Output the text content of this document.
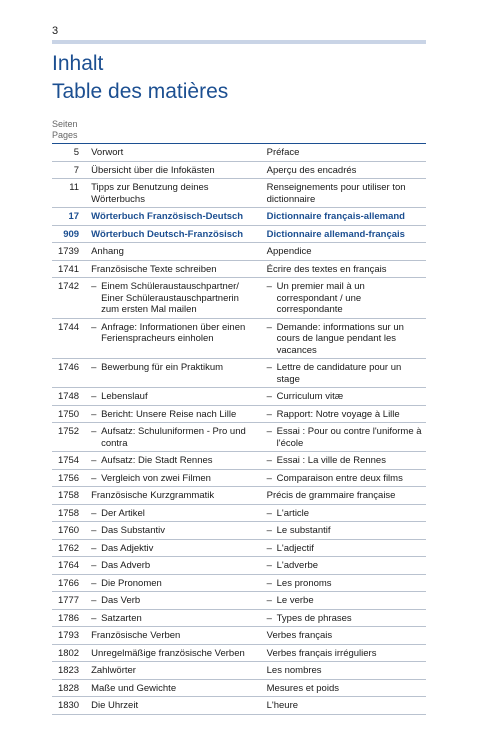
3
Inhalt
Table des matières
Seiten
Pages
5	Vorwort	Préface
7	Übersicht über die Infokästen	Aperçu des encadrés
11	Tipps zur Benutzung deines Wörterbuchs	Renseignements pour utiliser ton dictionnaire
17	Wörterbuch Französisch-Deutsch	Dictionnaire français-allemand
909	Wörterbuch Deutsch-Französisch	Dictionnaire allemand-français
1739	Anhang	Appendice
1741	Französische Texte schreiben	Écrire des textes en français
1742	– Einem Schüleraustauschpartner/ Einer Schüleraustauschpartnerin zum ersten Mal mailen	– Un premier mail à un correspondant / une correspondante
1744	– Anfrage: Informationen über einen Ferienspracheurs einholen	– Demande: informations sur un cours de langue pendant les vacances
1746	– Bewerbung für ein Praktikum	– Lettre de candidature pour un stage
1748	– Lebenslauf	– Curriculum vitæ
1750	– Bericht: Unsere Reise nach Lille	– Rapport: Notre voyage à Lille
1752	– Aufsatz: Schuluniformen - Pro und contra	– Essai : Pour ou contre l'uniforme à l'école
1754	– Aufsatz: Die Stadt Rennes	– Essai : La ville de Rennes
1756	– Vergleich von zwei Filmen	– Comparaison entre deux films
1758	Französische Kurzgrammatik	Précis de grammaire française
1758	– Der Artikel	– L'article
1760	– Das Substantiv	– Le substantif
1762	– Das Adjektiv	– L'adjectif
1764	– Das Adverb	– L'adverbe
1766	– Die Pronomen	– Les pronoms
1777	– Das Verb	– Le verbe
1786	– Satzarten	– Types de phrases
1793	Französische Verben	Verbes français
1802	Unregelmäßige französische Verben	Verbes français irréguliers
1823	Zahlwörter	Les nombres
1828	Maße und Gewichte	Mesures et poids
1830	Die Uhrzeit	L'heure
